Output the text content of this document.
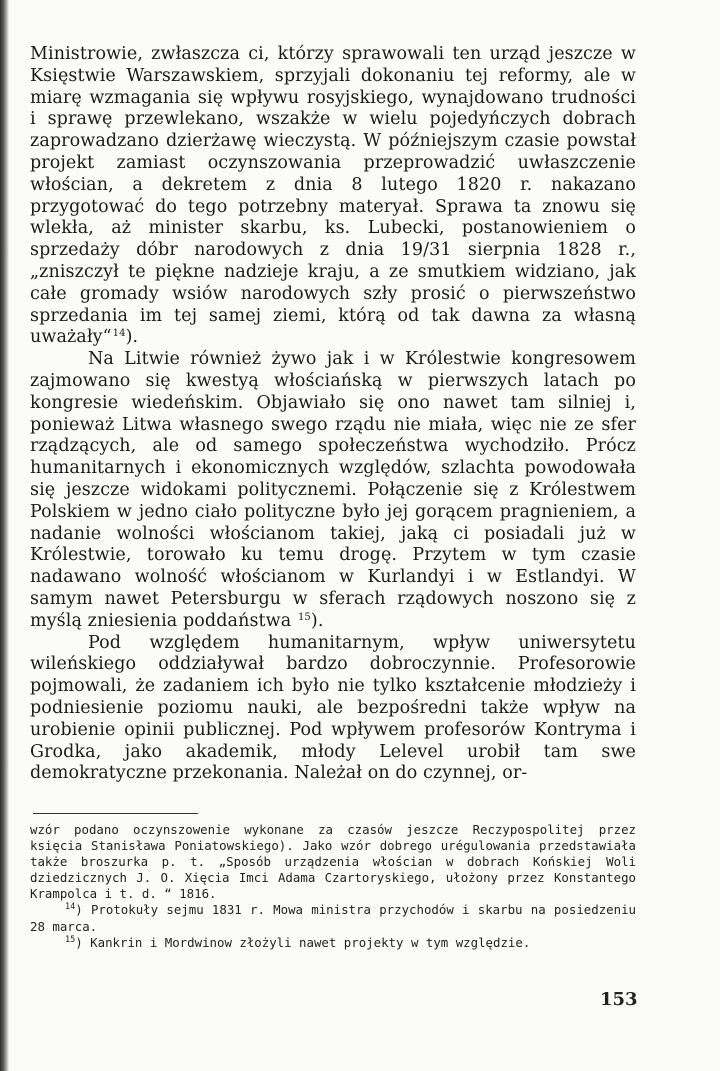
Ministrowie, zwłaszcza ci, którzy sprawowali ten urząd jeszcze w Księstwie Warszawskiem, sprzyjali dokonaniu tej reformy, ale w miarę wzmagania się wpływu rosyjskiego, wynajdowano trudności i sprawę przewlekano, wszakże w wielu pojedyńczych dobrach zaprowadzano dzierżawę wieczystą. W późniejszym czasie powstał projekt zamiast oczynszowania przeprowadzić uwłaszczenie włościan, a dekretem z dnia 8 lutego 1820 r. nakazano przygotować do tego potrzebny materyał. Sprawa ta znowu się wlekła, aż minister skarbu, ks. Lubecki, postanowieniem o sprzedaży dóbr narodowych z dnia 19/31 sierpnia 1828 r., „zniszczył te piękne nadzieje kraju, a ze smutkiem widziano, jak całe gromady wsiów narodowych szły prosić o pierwszeństwo sprzedania im tej samej ziemi, którą od tak dawna za własną uważały“$^{14}$).

Na Litwie również żywo jak i w Królestwie kongresowem zajmowano się kwestyą włościańską w pierwszych latach po kongresie wiedeńskim. Objawiało się ono nawet tam silniej i, ponieważ Litwa własnego swego rządu nie miała, więc nie ze sfer rządzących, ale od samego społeczeństwa wychodziło. Prócz humanitarnych i ekonomicznych względów, szlachta powodowała się jeszcze widokami politycznemi. Połączenie się z Królestwem Polskiem w jedno ciało polityczne było jej gorącem pragnieniem, a nadanie wolności włościanom takiej, jaką ci posiadali już w Królestwie, torowało ku temu drogę. Przytem w tym czasie nadawano wolność włościanom w Kurlandyi i w Estlandyi. W samym nawet Petersburgu w sferach rządowych noszono się z myślą zniesienia poddaństwa $^{15}$).

Pod względem humanitarnym, wpływ uniwersytetu wileńskiego oddziaływał bardzo dobroczynnie. Profesorowie pojmowali, że zadaniem ich było nie tylko kształcenie młodzieży i podniesienie poziomu nauki, ale bezpośredni także wpływ na urobienie opinii publicznej. Pod wpływem profesorów Kontryma i Grodka, jako akademik, młody Lelevel urobił tam swe demokratyczne przekonania. Należał on do czynnej, or-

wzór podano oczynszowenie wykonane za czasów jeszcze Reczypospolitej przez księcia Stanisława Poniatowskiego). Jako wzór dobrego urégulowania przedstawiała także broszurka p. t. „Sposób urządzenia włościan w dobrach Końskiej Woli dziedzicznych J. O. Xięcia Imci Adama Czartoryskiego, ułożony przez Konstantego Krampolca i t. d. “ 1816.

$^{14}$) Protokuły sejmu 1831 r. Mowa ministra przychodów i skarbu na posiedzeniu 28 marca.

$^{15}$) Kankrin i Mordwinow złożyli nawet projekty w tym względzie.

153
